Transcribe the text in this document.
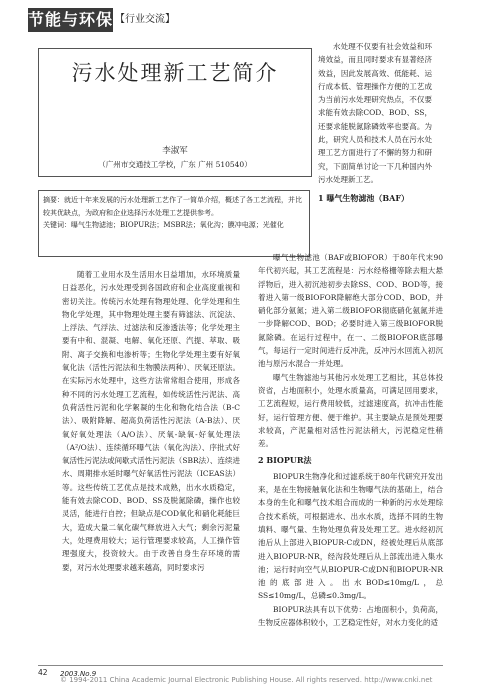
节能与环保 【行业交流】
污水处理新工艺简介
李淑军
（广州市交通技工学校，广东 广州 510540）
摘要：就近十年来发展的污水处理新工艺作了一简单介绍，概述了各工艺流程，并比较其优缺点，为政府和企业选择污水处理工艺提供参考。
关键词：曝气生物滤池；BIOPUR法；MSBR法；氧化沟；膜冲电源；光催化

水处理不仅要有社会效益和环境效益，而且同时要求有显著经济效益，因此发展高效、低能耗、运行成本低、管理操作方便的工艺成为当前污水处理研究热点，不仅要求能有效去除COD、BOD、SS，还要求能脱氮除磷效率也要高。为此，研究人员和技术人员在污水处理工艺方面进行了不懈的努力和研究，下面简单讨论一下几种国内外污水处理新工艺。

1 曝气生物滤池（BAF）

随着工业用水及生活用水日益增加，水环境质量日益恶化，污水处理受到各国政府和企业高度重视和密切关注。传统污水处理有物理处理、化学处理和生物化学处理，其中物理处理主要有筛滤法、沉淀法、上浮法、气浮法、过滤法和反渗透法等；化学处理主要有中和、混凝、电解、氧化还原、汽提、萃取、吸附、离子交换和电渗析等；生物化学处理主要有好氧氧化法（活性污泥法和生物膜法两种）、厌氧还原法。在实际污水处理中，这些方法常常组合使用，形成各种不同的污水处理工艺流程，如传统活性污泥法、高负荷活性污泥和化学絮凝的生化和物化结合法（B-C法）、吸附降解、超高负荷活性污泥法（A-B法）、厌氧好氧处理法（A/O法）、厌氧-缺氧-好氧处理法（A²/O法）、连续循环曝气法（氧化沟法）、序批式好氧活性污泥法或间歇式活性污泥法（SBR法）、连续进水、周期排水延时曝气好氧活性污泥法（ICEAS法）等。这些传统工艺优点是技术成熟，出水水质稳定，能有效去除COD、BOD、SS及脱氮除磷，操作也较灵活，能进行自控；但缺点是COD氧化和硝化耗能巨大，造成大量二氧化碳气释放进入大气；剩余污泥量大，处理费用较大；运行管理要求较高，人工操作管理强度大，投资较大。由于改善自身生存环境的需要，对污水处理要求越来越高，同时要求污

曝气生物滤池（BAF或BIOFOR）于80年代末90年代初兴起，其工艺流程是：污水经格栅等除去粗大悬浮物后，进入初沉池初步去除SS、COD、BOD等，接着进入第一级BIOFOR降解绝大部分COD、BOD，并硝化部分氨氮；进入第二级BIOFOR彻底硝化氨氮并进一步降解COD、BOD；必要时进入第三级BIOFOR脱氮除磷。在运行过程中，在一、二级BIOFOR底部曝气，每运行一定时间进行反冲洗，反冲污水回流入初沉池与原污水混合一并处理。

曝气生物滤池与其他污水处理工艺相比，其总体投资省，占地面积小，处理水质量高，可满足回用要求，工艺流程短，运行费用较低，过滤速度高，抗冲击性能好，运行管理方便、便于维护。其主要缺点是预处理要求较高，产泥量相对活性污泥法稍大，污泥稳定性稍差。

2 BIOPUR法

BIOPUR生物净化和过滤系统于80年代研究开发出来，是在生物接触氧化法和生物曝气法的基础上，结合本身的生化和曝气技术组合而成的一种新的污水处理综合技术系统，可根据进水、出水水质，选择不同的生物填料、曝气量、生物处理负荷及处理工艺。进水经初沉池后从上部进入BIOPUR-C或DN，经被处理后从底部进入BIOPUR-NR，经沟段处理后从上部流出进入集水池；运行时向空气从BIOPUR-C或DN和BIOPUR-NR池的底部进入。出水BOD≤10mg/L，总SS≤10mg/L，总磷≤0.3mg/L。

BIOPUR法具有以下优势：占地面积小，负荷高，生物反应器体积较小，工艺稳定性好，对水力变化的适

42 2003.No.9
© 1994-2011 China Academic Journal Electronic Publishing House. All rights reserved. http://www.cnki.net
